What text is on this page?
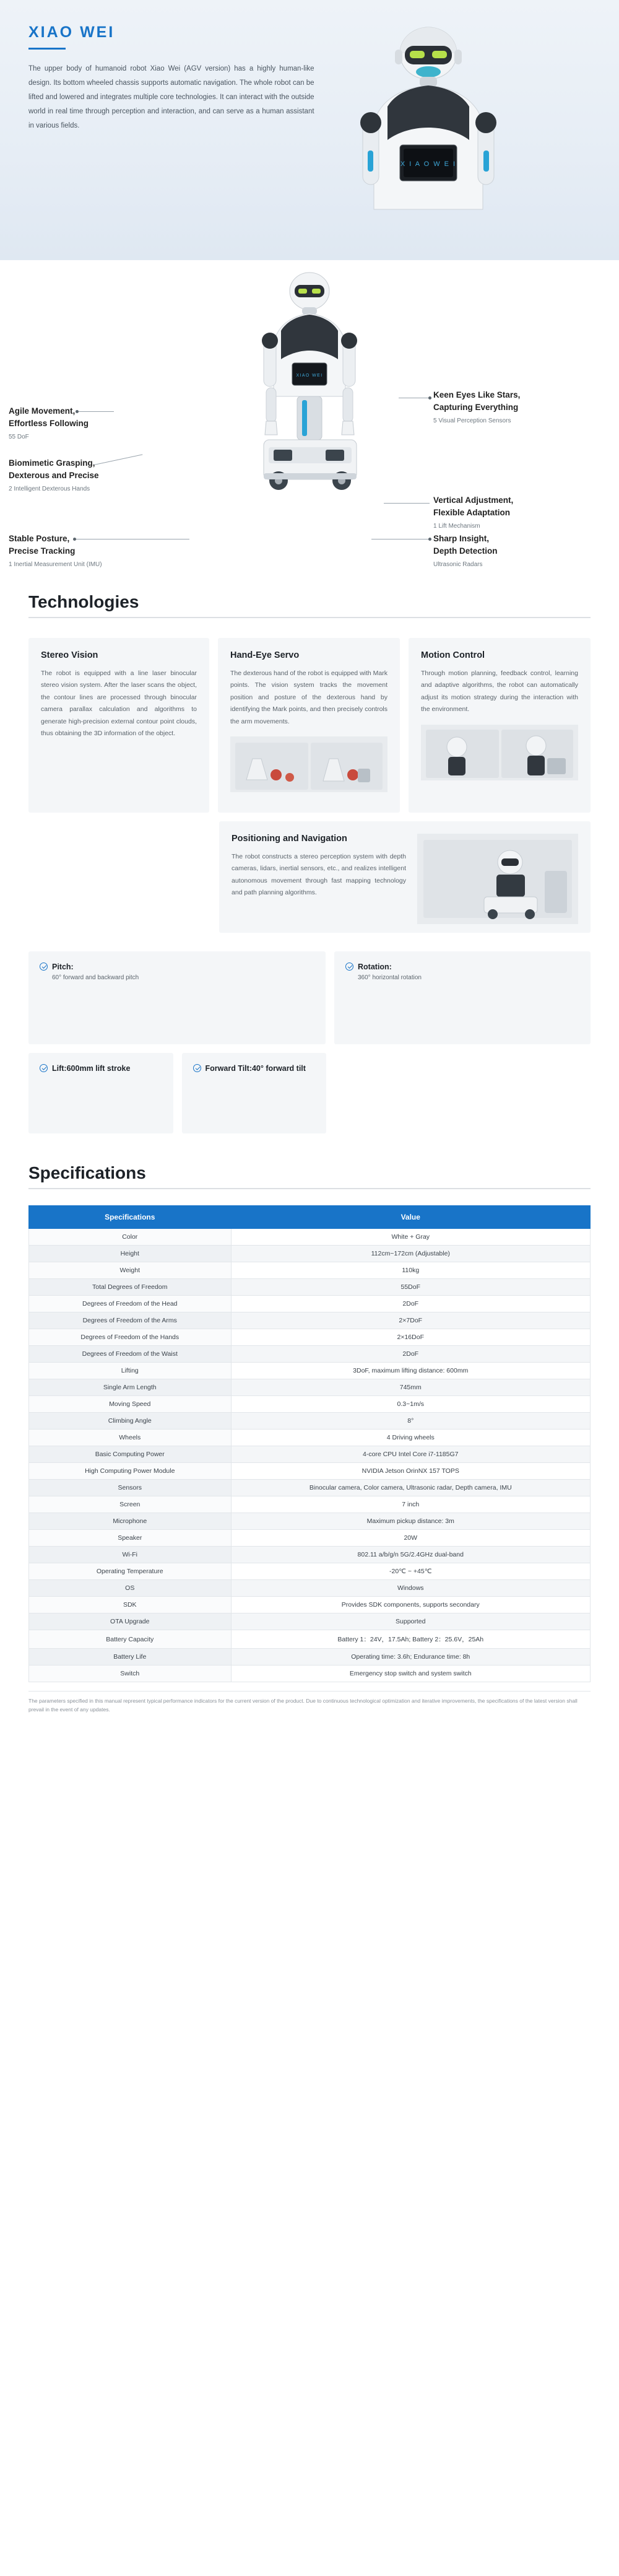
XIAO WEI
The upper body of humanoid robot Xiao Wei (AGV version) has a highly human-like design. Its bottom wheeled chassis supports automatic navigation. The whole robot can be lifted and lowered and integrates multiple core technologies. It can interact with the outside world in real time through perception and interaction, and can serve as a human assistant in various fields.
X I A O W E I
XIAO WEI
Keen Eyes Like Stars,
Capturing Everything
5 Visual Perception Sensors
Agile Movement,
Effortless Following
55 DoF
Biomimetic Grasping,
Dexterous and Precise
2 Intelligent Dexterous Hands
Vertical Adjustment,
Flexible Adaptation
1 Lift Mechanism
Stable Posture,
Precise Tracking
1 Inertial Measurement Unit (IMU)
Sharp Insight,
Depth Detection
Ultrasonic Radars
Technologies
Stereo Vision

The robot is equipped with a line laser binocular stereo vision system. After the laser scans the object, the contour lines are processed through binocular camera parallax calculation and algorithms to generate high-precision external contour point clouds, thus obtaining the 3D information of the object.

Hand-Eye Servo

The dexterous hand of the robot is equipped with Mark points. The vision system tracks the movement position and posture of the dexterous hand by identifying the Mark points, and then precisely controls the arm movements.

Motion Control

Through motion planning, feedback control, learning and adaptive algorithms, the robot can automatically adjust its motion strategy during the interaction with the environment.

Positioning and Navigation

The robot constructs a stereo perception system with depth cameras, lidars, inertial sensors, etc., and realizes intelligent autonomous movement through fast mapping technology and path planning algorithms.

Pitch:
60° forward and backward pitch
Rotation:
360° horizontal rotation
Lift:600mm lift stroke	Forward Tilt:40° forward tilt
Specifications
Specifications	Value
Color	White + Gray
Height	112cm~172cm (Adjustable)
Weight	110kg
Total Degrees of Freedom	55DoF
Degrees of Freedom of the Head	2DoF
Degrees of Freedom of the Arms	2×7DoF
Degrees of Freedom of the Hands	2×16DoF
Degrees of Freedom of the Waist	2DoF
Lifting	3DoF, maximum lifting distance: 600mm
Single Arm Length	745mm
Moving Speed	0.3~1m/s
Climbing Angle	8°
Wheels	4 Driving wheels
Basic Computing Power	4-core CPU Intel Core i7-1185G7
High Computing Power Module	NVIDIA Jetson OrinNX 157 TOPS
Sensors	Binocular camera, Color camera, Ultrasonic radar, Depth camera, IMU
Screen	7 inch
Microphone	Maximum pickup distance: 3m
Speaker	20W
Wi-Fi	802.11 a/b/g/n 5G/2.4GHz dual-band
Operating Temperature	-20℃ ~ +45℃
OS	Windows
SDK	Provides SDK components, supports secondary
OTA Upgrade	Supported
Battery Capacity	Battery 1：24V，17.5Ah; Battery 2：25.6V，25Ah
Battery Life	Operating time: 3.6h; Endurance time: 8h
Switch	Emergency stop switch and system switch
The parameters specified in this manual represent typical performance indicators for the current version of the product. Due to continuous technological optimization and iterative improvements, the specifications of the latest version shall prevail in the event of any updates.
